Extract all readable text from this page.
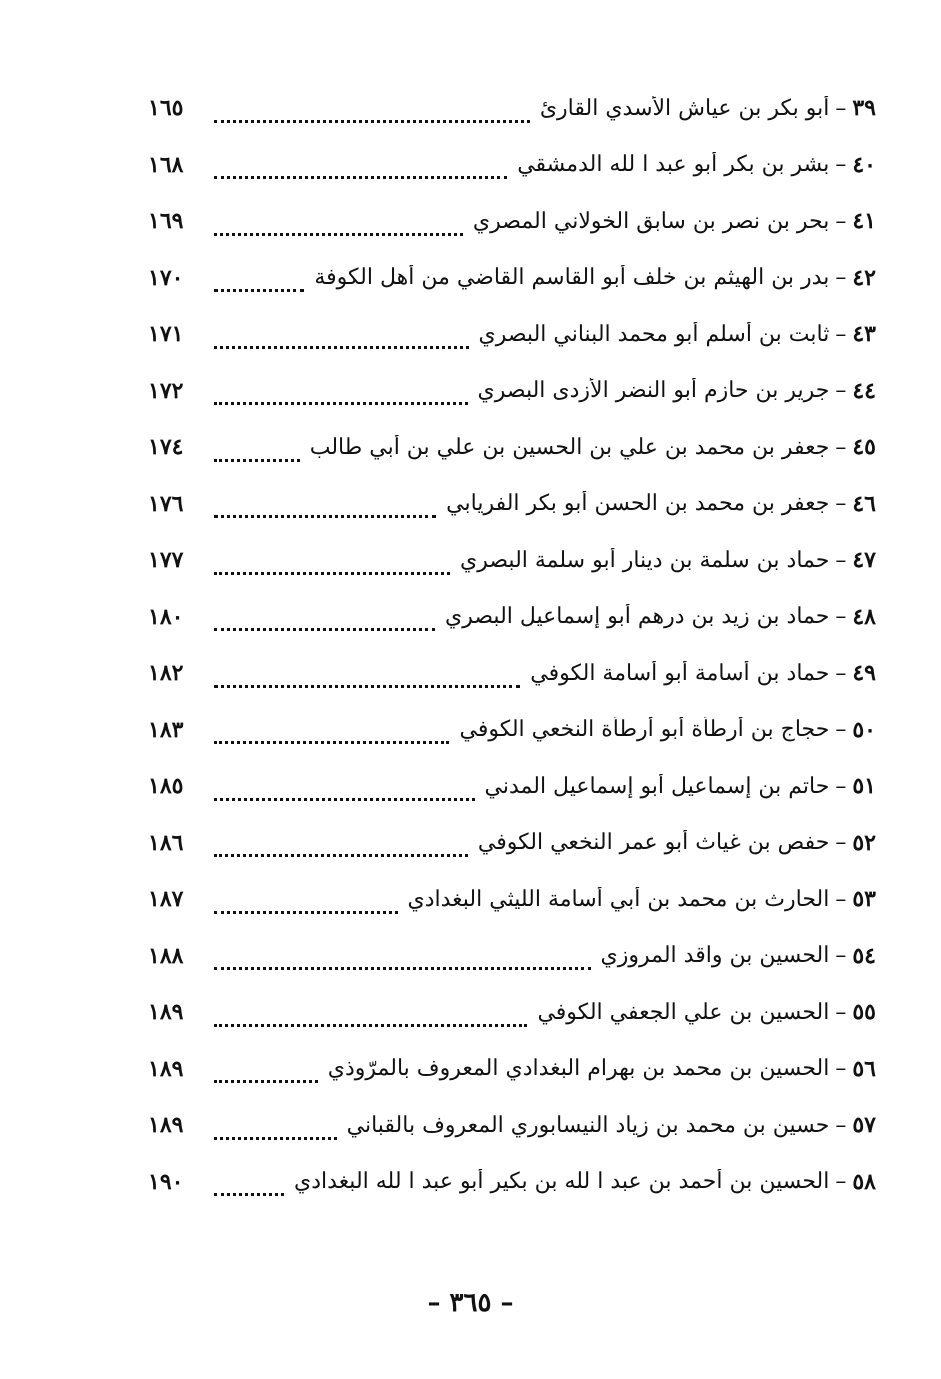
٣٩
–
أبو بكر بن عياش الأسدي القارئ
١٦٥
٤٠
–
بشر بن بكر أبو عبد ا لله الدمشقي
١٦٨
٤١
–
بحر بن نصر بن سابق الخولاني المصري
١٦٩
٤٢
–
بدر بن الهيثم بن خلف أبو القاسم القاضي من أهل الكوفة
١٧٠
٤٣
–
ثابت بن أسلم أبو محمد البناني البصري
١٧١
٤٤
–
جرير بن حازم أبو النضر الأزدى البصري
١٧٢
٤٥
–
جعفر بن محمد بن علي بن الحسين بن علي بن أبي طالب
١٧٤
٤٦
–
جعفر بن محمد بن الحسن أبو بكر الفريابي
١٧٦
٤٧
–
حماد بن سلمة بن دينار أبو سلمة البصري
١٧٧
٤٨
–
حماد بن زيد بن درهم أبو إسماعيل البصري
١٨٠
٤٩
–
حماد بن أسامة أبو أسامة الكوفي
١٨٢
٥٠
–
حجاج بن أرطأة أبو أرطأة النخعي الكوفي
١٨٣
٥١
–
حاتم بن إسماعيل أبو إسماعيل المدني
١٨٥
٥٢
–
حفص بن غياث أبو عمر النخعي الكوفي
١٨٦
٥٣
–
الحارث بن محمد بن أبي أسامة الليثي البغدادي
١٨٧
٥٤
–
الحسين بن واقد المروزي
١٨٨
٥٥
–
الحسين بن علي الجعفي الكوفي
١٨٩
٥٦
–
الحسين بن محمد بن بهرام البغدادي المعروف بالمرّوذي
١٨٩
٥٧
–
حسين بن محمد بن زياد النيسابوري المعروف بالقباني
١٨٩
٥٨
–
الحسين بن أحمد بن عبد ا لله بن بكير أبو عبد ا لله البغدادي
١٩٠
– ٣٦٥ –
